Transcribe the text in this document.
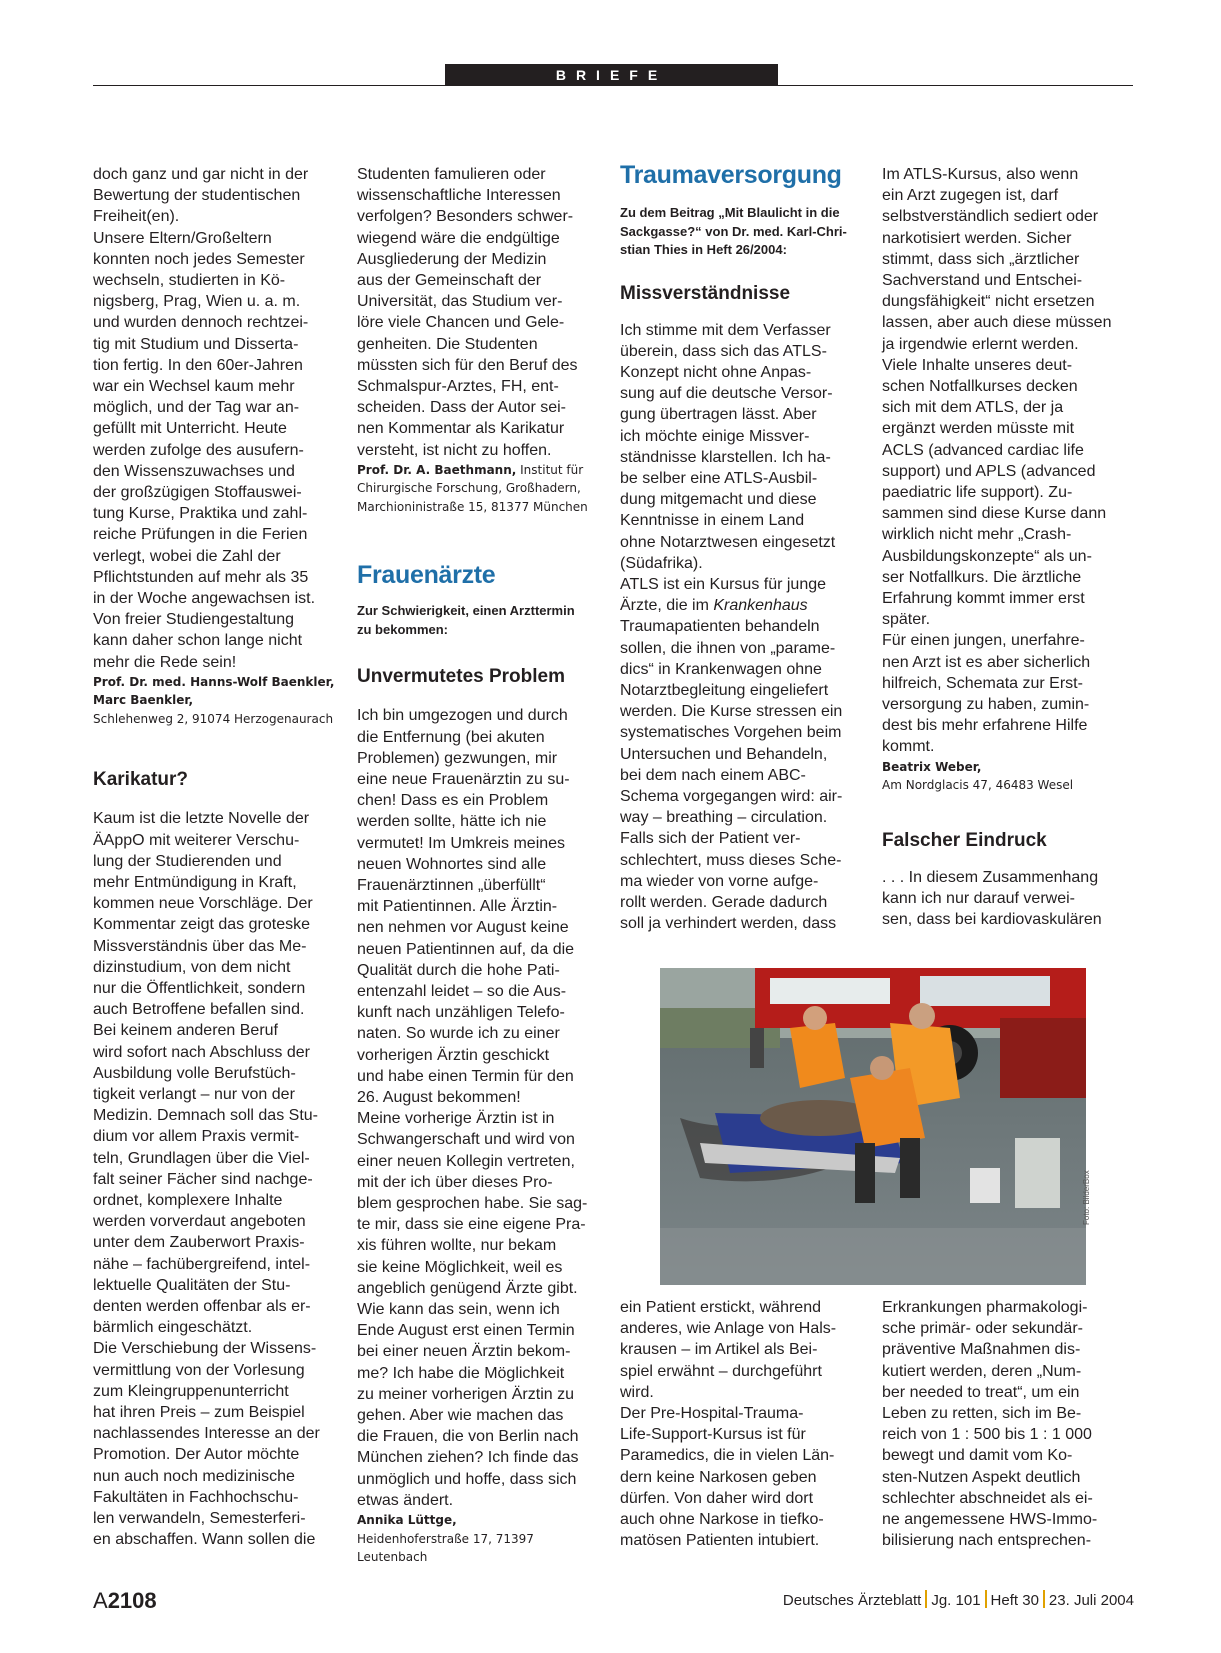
BRIEFE
doch ganz und gar nicht in der
Bewertung der studentischen
Freiheit(en).
Unsere Eltern/Großeltern
konnten noch jedes Semester
wechseln, studierten in Kö-
nigsberg, Prag, Wien u. a. m.
und wurden dennoch rechtzei-
tig mit Studium und Disserta-
tion fertig. In den 60er-Jahren
war ein Wechsel kaum mehr
möglich, und der Tag war an-
gefüllt mit Unterricht. Heute
werden zufolge des ausufern-
den Wissenszuwachses und
der großzügigen Stoffauswei-
tung Kurse, Praktika und zahl-
reiche Prüfungen in die Ferien
verlegt, wobei die Zahl der
Pflichtstunden auf mehr als 35
in der Woche angewachsen ist.
Von freier Studiengestaltung
kann daher schon lange nicht
mehr die Rede sein!

Prof. Dr. med. Hanns-Wolf Baenkler,

Marc Baenkler,

Schlehenweg 2, 91074 Herzogenaurach

Karikatur?

Kaum ist die letzte Novelle der
ÄAppO mit weiterer Verschu-
lung der Studierenden und
mehr Entmündigung in Kraft,
kommen neue Vorschläge. Der
Kommentar zeigt das groteske
Missverständnis über das Me-
dizinstudium, von dem nicht
nur die Öffentlichkeit, sondern
auch Betroffene befallen sind.
Bei keinem anderen Beruf
wird sofort nach Abschluss der
Ausbildung volle Berufstüch-
tigkeit verlangt – nur von der
Medizin. Demnach soll das Stu-
dium vor allem Praxis vermit-
teln, Grundlagen über die Viel-
falt seiner Fächer sind nachge-
ordnet, komplexere Inhalte
werden vorverdaut angeboten
unter dem Zauberwort Praxis-
nähe – fachübergreifend, intel-
lektuelle Qualitäten der Stu-
denten werden offenbar als er-
bärmlich eingeschätzt.
Die Verschiebung der Wissens-
vermittlung von der Vorlesung
zum Kleingruppenunterricht
hat ihren Preis – zum Beispiel
nachlassendes Interesse an der
Promotion. Der Autor möchte
nun auch noch medizinische
Fakultäten in Fachhochschu-
len verwandeln, Semesterferi-
en abschaffen. Wann sollen die
Studenten famulieren oder
wissenschaftliche Interessen
verfolgen? Besonders schwer-
wiegend wäre die endgültige
Ausgliederung der Medizin
aus der Gemeinschaft der
Universität, das Studium ver-
löre viele Chancen und Gele-
genheiten. Die Studenten
müssten sich für den Beruf des
Schmalspur-Arztes, FH, ent-
scheiden. Dass der Autor sei-
nen Kommentar als Karikatur
versteht, ist nicht zu hoffen.

Prof. Dr. A. Baethmann, Institut für

Chirurgische Forschung, Großhadern,
Marchioninistraße 15, 81377 München

Frauenärzte

Zur Schwierigkeit, einen Arzttermin
zu bekommen:

Unvermutetes Problem

Ich bin umgezogen und durch
die Entfernung (bei akuten
Problemen) gezwungen, mir
eine neue Frauenärztin zu su-
chen! Dass es ein Problem
werden sollte, hätte ich nie
vermutet! Im Umkreis meines
neuen Wohnortes sind alle
Frauenärztinnen „überfüllt“
mit Patientinnen. Alle Ärztin-
nen nehmen vor August keine
neuen Patientinnen auf, da die
Qualität durch die hohe Pati-
entenzahl leidet – so die Aus-
kunft nach unzähligen Telefo-
naten. So wurde ich zu einer
vorherigen Ärztin geschickt
und habe einen Termin für den
26. August bekommen!
Meine vorherige Ärztin ist in
Schwangerschaft und wird von
einer neuen Kollegin vertreten,
mit der ich über dieses Pro-
blem gesprochen habe. Sie sag-
te mir, dass sie eine eigene Pra-
xis führen wollte, nur bekam
sie keine Möglichkeit, weil es
angeblich genügend Ärzte gibt.
Wie kann das sein, wenn ich
Ende August erst einen Termin
bei einer neuen Ärztin bekom-
me? Ich habe die Möglichkeit
zu meiner vorherigen Ärztin zu
gehen. Aber wie machen das
die Frauen, die von Berlin nach
München ziehen? Ich finde das
unmöglich und hoffe, dass sich
etwas ändert.

Annika Lüttge,

Heidenhoferstraße 17, 71397 Leutenbach

Traumaversorgung

Zu dem Beitrag „Mit Blaulicht in die
Sackgasse?“ von Dr. med. Karl-Chri-
stian Thies in Heft 26/2004:

Missverständnisse

Ich stimme mit dem Verfasser
überein, dass sich das ATLS-
Konzept nicht ohne Anpas-
sung auf die deutsche Versor-
gung übertragen lässt. Aber
ich möchte einige Missver-
ständnisse klarstellen. Ich ha-
be selber eine ATLS-Ausbil-
dung mitgemacht und diese
Kenntnisse in einem Land
ohne Notarztwesen eingesetzt
(Südafrika).

ATLS ist ein Kursus für junge

Ärzte, die im Krankenhaus

Traumapatienten behandeln
sollen, die ihnen von „parame-
dics“ in Krankenwagen ohne
Notarztbegleitung eingeliefert
werden. Die Kurse stressen ein
systematisches Vorgehen beim
Untersuchen und Behandeln,
bei dem nach einem ABC-
Schema vorgegangen wird: air-
way – breathing – circulation.
Falls sich der Patient ver-
schlechtert, muss dieses Sche-
ma wieder von vorne aufge-
rollt werden. Gerade dadurch
soll ja verhindert werden, dass
Im ATLS-Kursus, also wenn
ein Arzt zugegen ist, darf
selbstverständlich sediert oder
narkotisiert werden. Sicher
stimmt, dass sich „ärztlicher
Sachverstand und Entschei-
dungsfähigkeit“ nicht ersetzen
lassen, aber auch diese müssen
ja irgendwie erlernt werden.
Viele Inhalte unseres deut-
schen Notfallkurses decken
sich mit dem ATLS, der ja
ergänzt werden müsste mit
ACLS (advanced cardiac life
support) und APLS (advanced
paediatric life support). Zu-
sammen sind diese Kurse dann
wirklich nicht mehr „Crash-
Ausbildungskonzepte“ als un-
ser Notfallkurs. Die ärztliche
Erfahrung kommt immer erst
später.
Für einen jungen, unerfahre-
nen Arzt ist es aber sicherlich
hilfreich, Schemata zur Erst-
versorgung zu haben, zumin-
dest bis mehr erfahrene Hilfe
kommt.

Beatrix Weber,

Am Nordglacis 47, 46483 Wesel

Falscher Eindruck

. . . In diesem Zusammenhang
kann ich nur darauf verwei-
sen, dass bei kardiovaskulären
Foto: BilderBox
ein Patient erstickt, während
anderes, wie Anlage von Hals-
krausen – im Artikel als Bei-
spiel erwähnt – durchgeführt
wird.
Der Pre-Hospital-Trauma-
Life-Support-Kursus ist für
Paramedics, die in vielen Län-
dern keine Narkosen geben
dürfen. Von daher wird dort
auch ohne Narkose in tiefko-
matösen Patienten intubiert.
Erkrankungen pharmakologi-
sche primär- oder sekundär-
präventive Maßnahmen dis-
kutiert werden, deren „Num-
ber needed to treat“, um ein
Leben zu retten, sich im Be-
reich von 1 : 500 bis 1 : 1 000
bewegt und damit vom Ko-
sten-Nutzen Aspekt deutlich
schlechter abschneidet als ei-
ne angemessene HWS-Immo-
bilisierung nach entsprechen-
A2108	Deutsches Ärzteblatt Jg. 101 Heft 30 23. Juli 2004
